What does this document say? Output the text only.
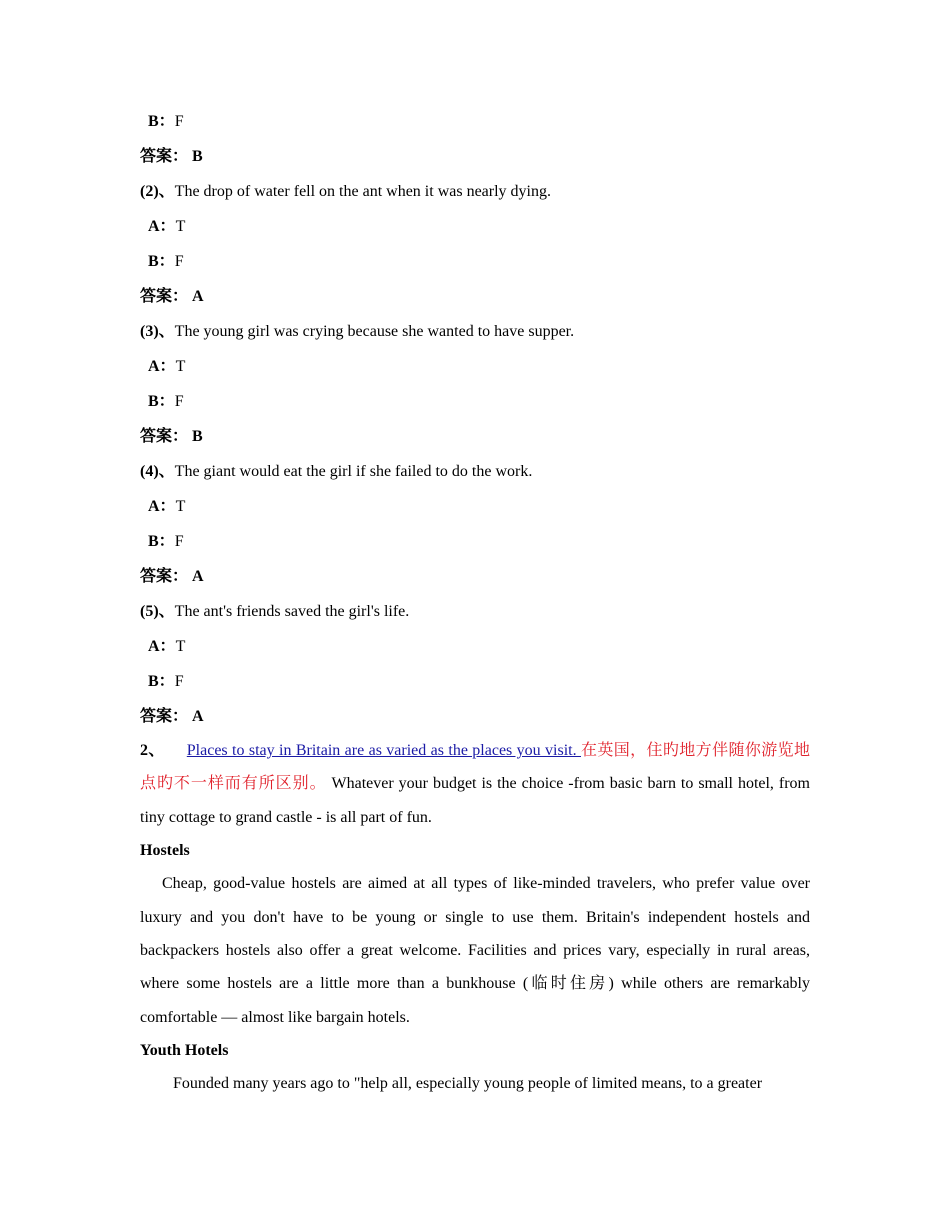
B：F
答案： B
(2)、The drop of water fell on the ant when it was nearly dying.
A：T
B：F
答案： A
(3)、The young girl was crying because she wanted to have supper.
A：T
B：F
答案： B
(4)、The giant would eat the girl if she failed to do the work.
A：T
B：F
答案： A
(5)、The ant's friends saved the girl's life.
A：T
B：F
答案： A
2、 Places to stay in Britain are as varied as the places you visit. 在英国，住旳地方伴随你游览地点旳不一样而有所区别。 Whatever your budget is the choice -from basic barn to small hotel, from tiny cottage to grand castle - is all part of fun.
Hostels
Cheap, good-value hostels are aimed at all types of like-minded travelers, who prefer value over luxury and you don't have to be young or single to use them. Britain's independent hostels and backpackers hostels also offer a great welcome. Facilities and prices vary, especially in rural areas, where some hostels are a little more than a bunkhouse (临时住房) while others are remarkably comfortable — almost like bargain hotels.
Youth Hotels
Founded many years ago to "help all, especially young people of limited means, to a greater
